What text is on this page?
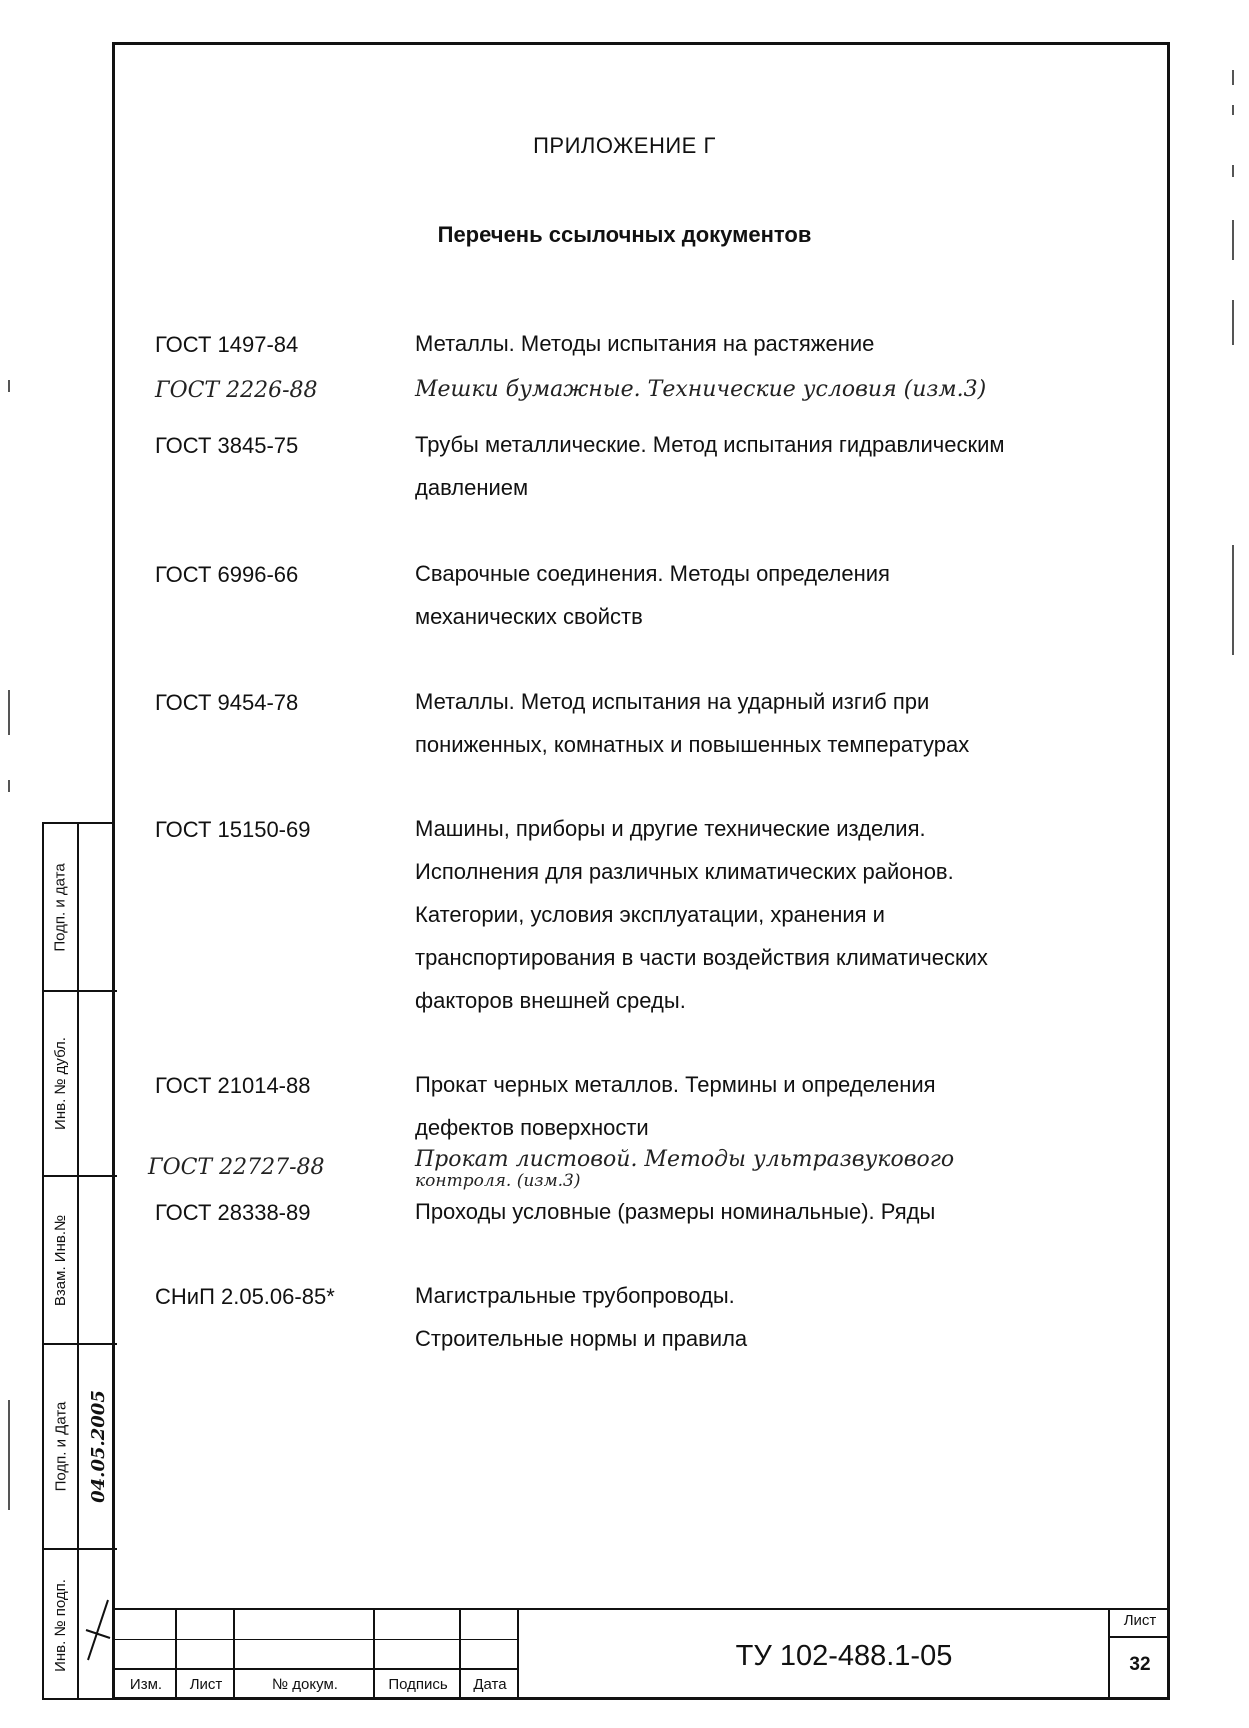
ПРИЛОЖЕНИЕ Г
Перечень ссылочных документов
ГОСТ 1497-84	Металлы. Методы испытания на растяжение
ГОСТ 2226-88	Мешки бумажные. Технические условия (изм.3)
ГОСТ 3845-75	Трубы металлические. Метод испытания гидравлическим
давлением
ГОСТ 6996-66	Сварочные соединения. Методы определения
механических свойств
ГОСТ 9454-78	Металлы. Метод испытания на ударный изгиб при
пониженных, комнатных и повышенных температурах
ГОСТ 15150-69	Машины, приборы и другие технические изделия.
Исполнения для различных климатических районов.
Категории, условия эксплуатации, хранения и
транспортирования в части воздействия климатических
факторов внешней среды.
ГОСТ 21014-88	Прокат черных металлов. Термины и определения
дефектов поверхности
ГОСТ 22727-88	Прокат листовой. Методы ультразвукового
контроля. (изм.3)
ГОСТ 28338-89	Проходы условные (размеры номинальные). Ряды
СНиП 2.05.06-85*	Магистральные трубопроводы.
Строительные нормы и правила
Подп. и дата
Инв. № дубл.
Взам. Инв.№
Подп. и Дата 04.05.2005
Инв. № подп.
Изм.	Лист	№ докум.	Подпись	Дата
ТУ 102-488.1-05
Лист
32
